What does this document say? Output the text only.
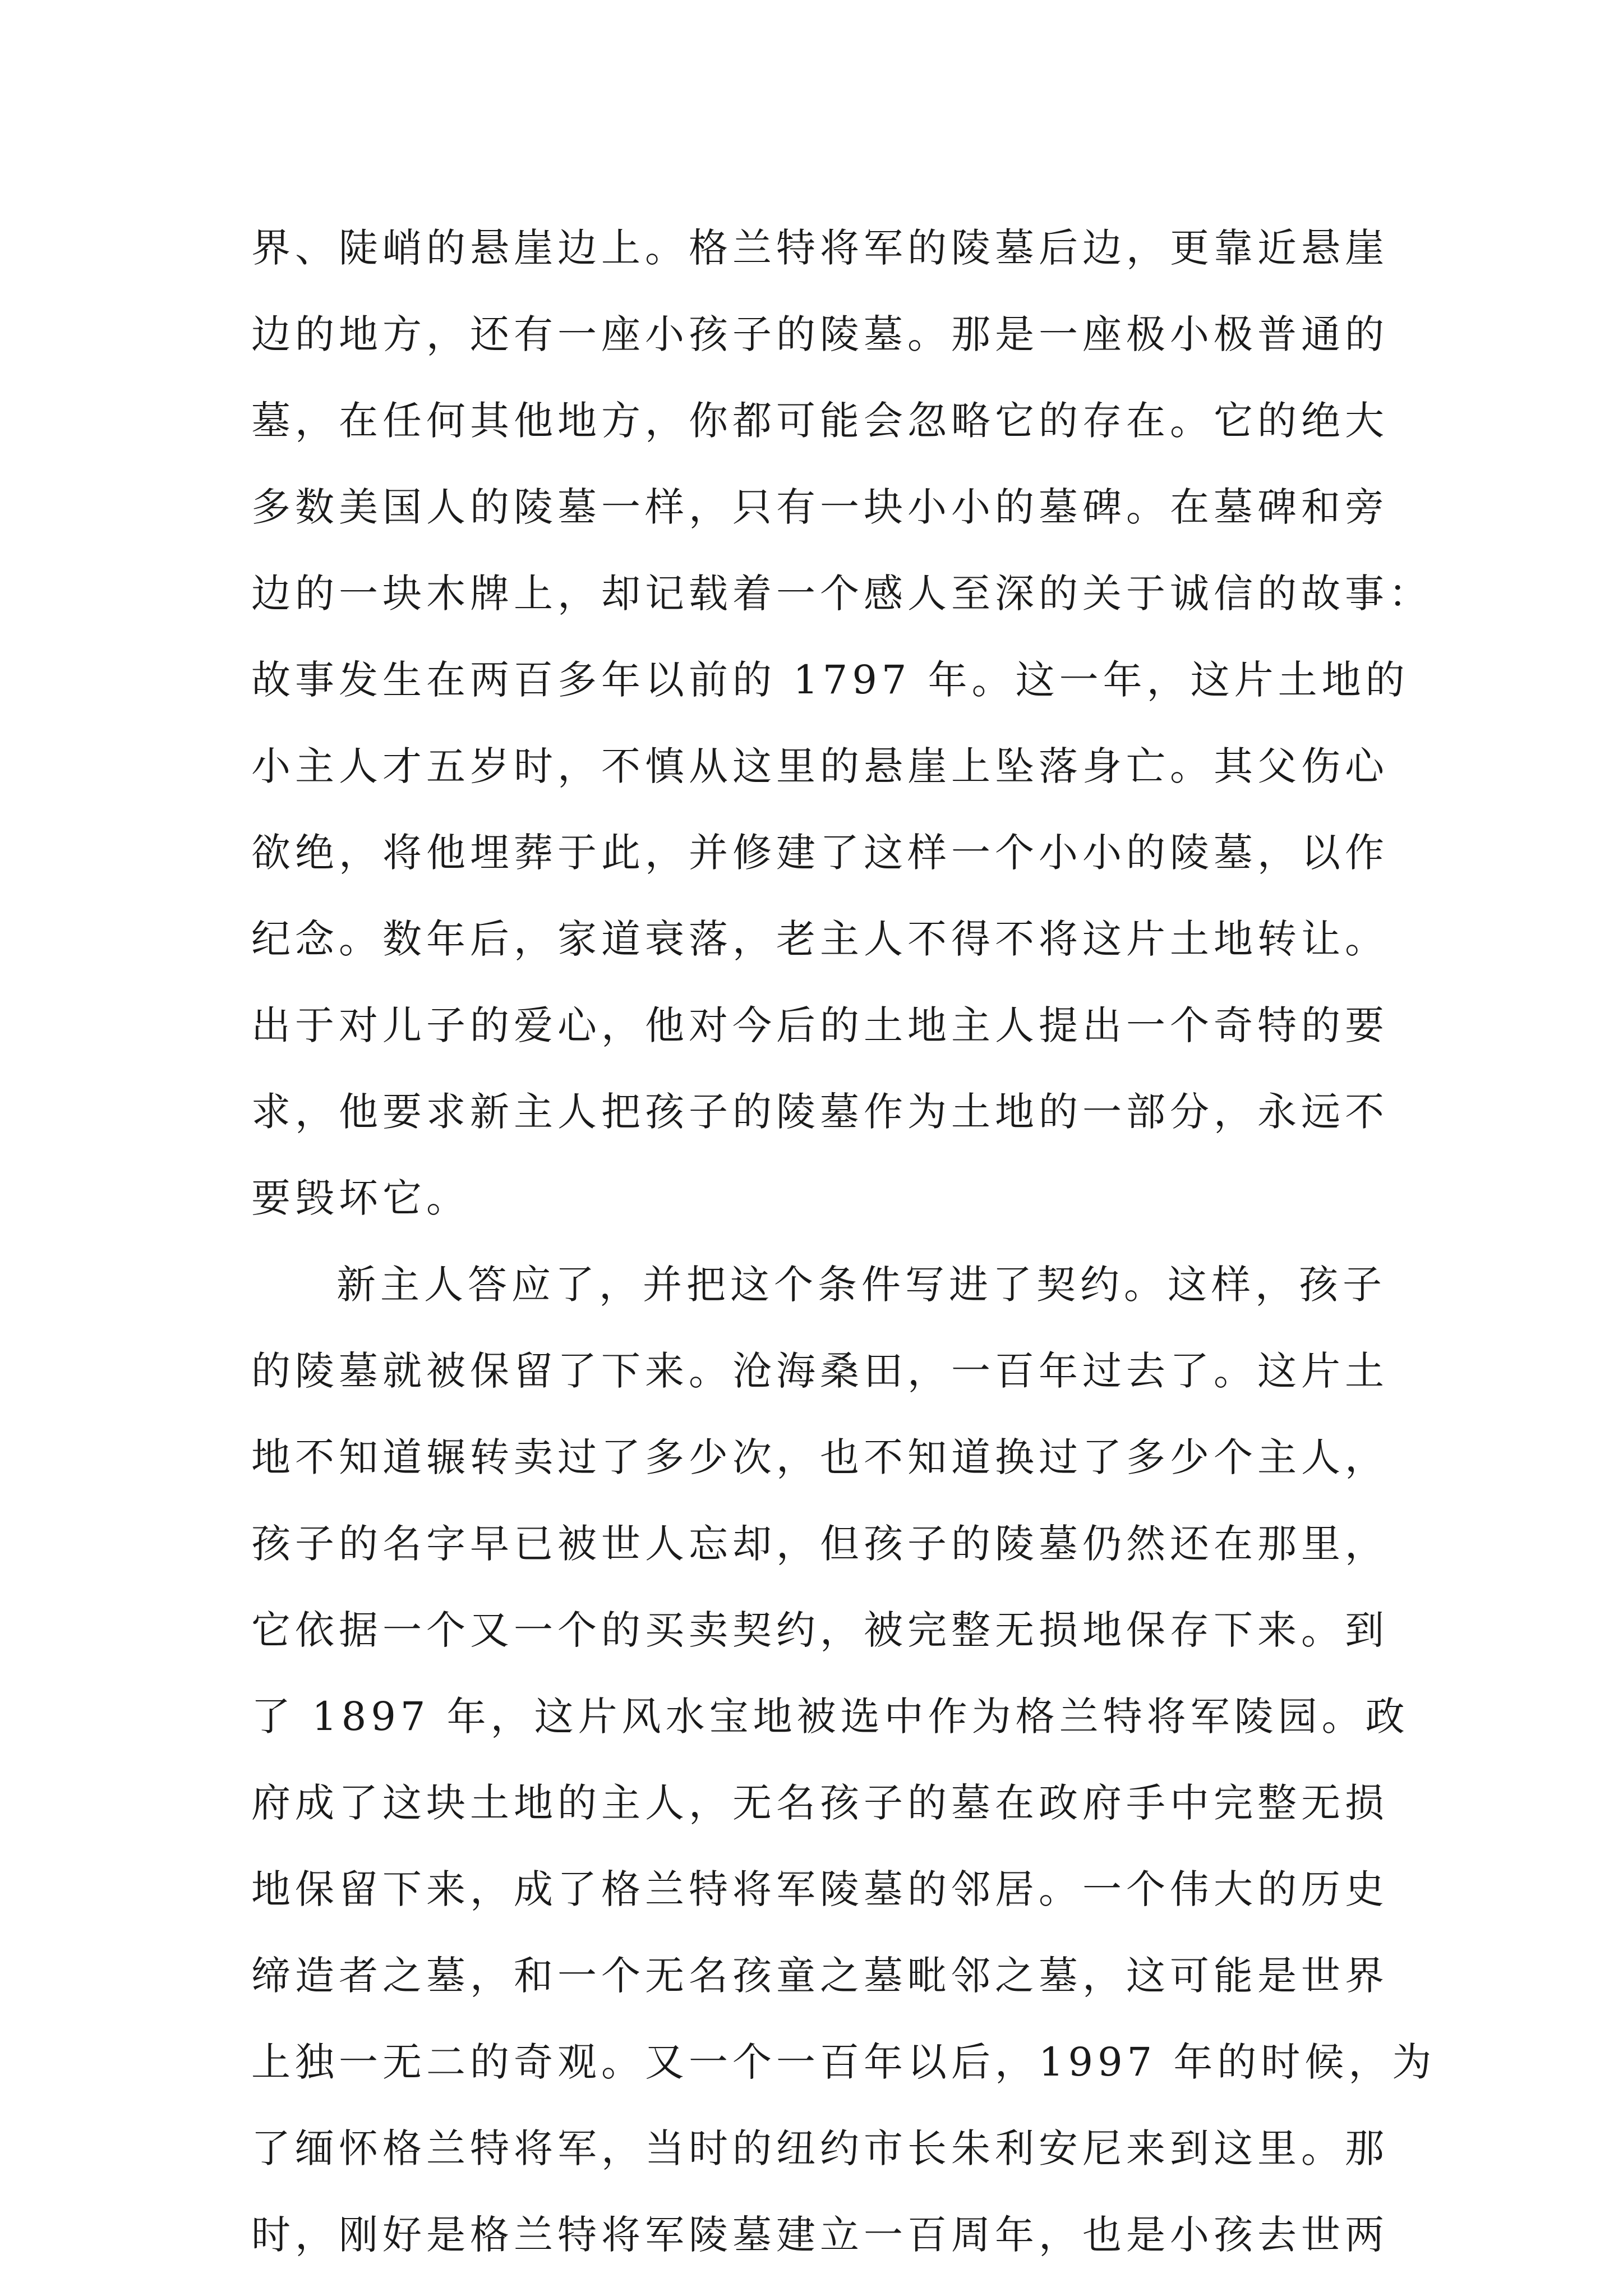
界、陡峭的悬崖边上。格兰特将军的陵墓后边，更靠近悬崖
边的地方，还有一座小孩子的陵墓。那是一座极小极普通的
墓，在任何其他地方，你都可能会忽略它的存在。它的绝大
多数美国人的陵墓一样，只有一块小小的墓碑。在墓碑和旁
边的一块木牌上，却记载着一个感人至深的关于诚信的故事：
故事发生在两百多年以前的 1797 年。这一年，这片土地的
小主人才五岁时，不慎从这里的悬崖上坠落身亡。其父伤心
欲绝，将他埋葬于此，并修建了这样一个小小的陵墓，以作
纪念。数年后，家道衰落，老主人不得不将这片土地转让。
出于对儿子的爱心，他对今后的土地主人提出一个奇特的要
求，他要求新主人把孩子的陵墓作为土地的一部分，永远不
要毁坏它。
新主人答应了，并把这个条件写进了契约。这样，孩子
的陵墓就被保留了下来。沧海桑田，一百年过去了。这片土
地不知道辗转卖过了多少次，也不知道换过了多少个主人，
孩子的名字早已被世人忘却，但孩子的陵墓仍然还在那里，
它依据一个又一个的买卖契约，被完整无损地保存下来。到
了 1897 年，这片风水宝地被选中作为格兰特将军陵园。政
府成了这块土地的主人，无名孩子的墓在政府手中完整无损
地保留下来，成了格兰特将军陵墓的邻居。一个伟大的历史
缔造者之墓，和一个无名孩童之墓毗邻之墓，这可能是世界
上独一无二的奇观。又一个一百年以后，1997 年的时候，为
了缅怀格兰特将军，当时的纽约市长朱利安尼来到这里。那
时，刚好是格兰特将军陵墓建立一百周年，也是小孩去世两
